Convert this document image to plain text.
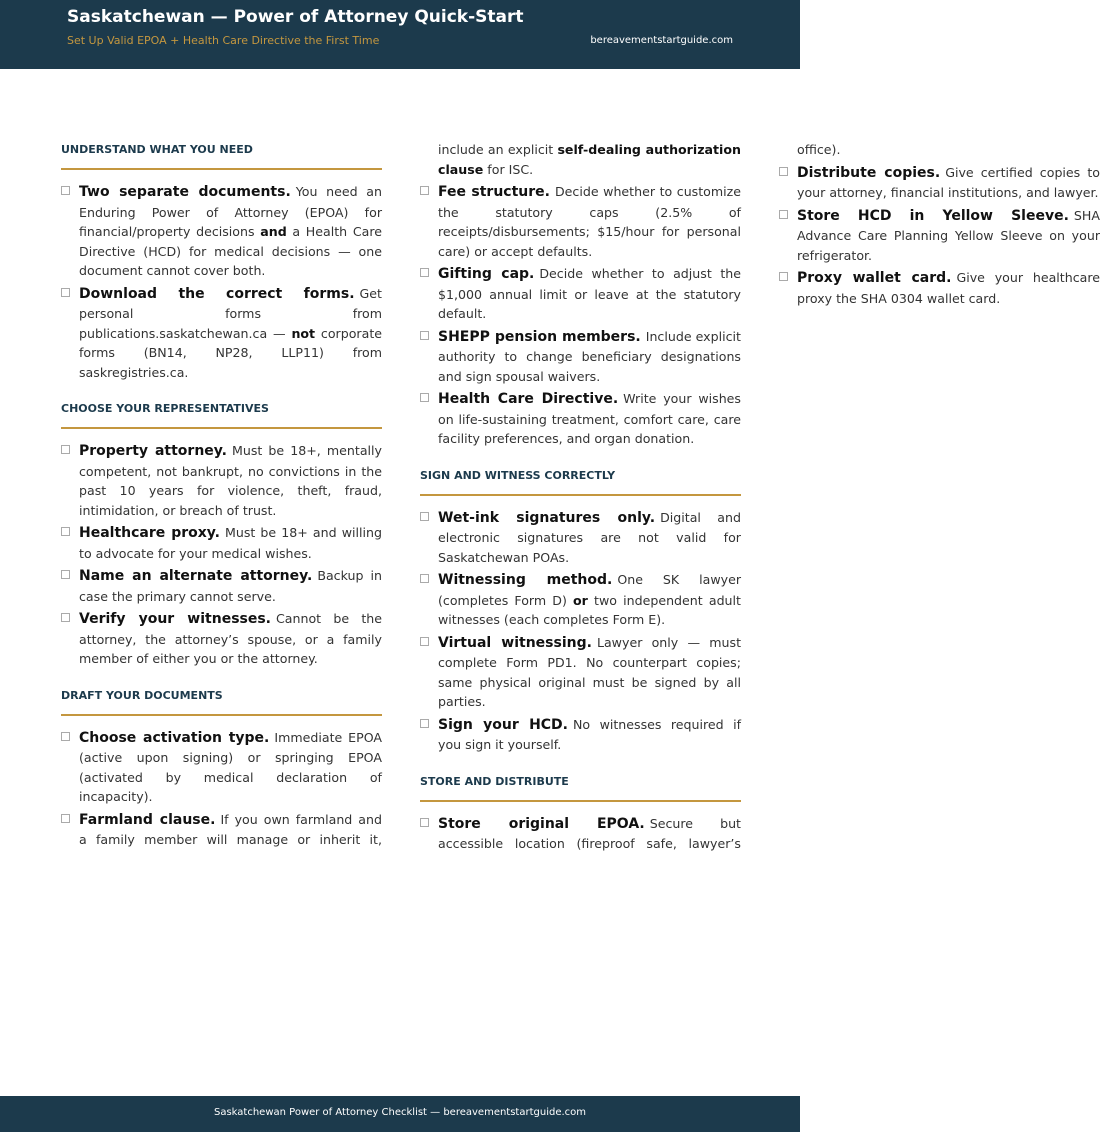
Saskatchewan — Power of Attorney Quick-Start
Set Up Valid EPOA + Health Care Directive the First Time	bereavementstartguide.com
UNDERSTAND WHAT YOU NEED
Two separate documents. You need an Enduring Power of Attorney (EPOA) for financial/property decisions and a Health Care Directive (HCD) for medical decisions — one document cannot cover both.
Download the correct forms. Get personal forms from publications.saskatchewan.ca — not corporate forms (BN14, NP28, LLP11) from saskregistries.ca.
CHOOSE YOUR REPRESENTATIVES
Property attorney. Must be 18+, mentally competent, not bankrupt, no convictions in the past 10 years for violence, theft, fraud, intimidation, or breach of trust.
Healthcare proxy. Must be 18+ and willing to advocate for your medical wishes.
Name an alternate attorney. Backup in case the primary cannot serve.
Verify your witnesses. Cannot be the attorney, the attorney’s spouse, or a family member of either you or the attorney.
DRAFT YOUR DOCUMENTS
Choose activation type. Immediate EPOA (active upon signing) or springing EPOA (activated by medical declaration of incapacity).
Farmland clause. If you own farmland and a family member will manage or inherit it, include an explicit self-dealing authorization clause for ISC.
Fee structure. Decide whether to customize the statutory caps (2.5% of receipts/disbursements; $15/hour for personal care) or accept defaults.
Gifting cap. Decide whether to adjust the $1,000 annual limit or leave at the statutory default.
SHEPP pension members. Include explicit authority to change beneficiary designations and sign spousal waivers.
Health Care Directive. Write your wishes on life-sustaining treatment, comfort care, care facility preferences, and organ donation.
SIGN AND WITNESS CORRECTLY
Wet-ink signatures only. Digital and electronic signatures are not valid for Saskatchewan POAs.
Witnessing method. One SK lawyer (completes Form D) or two independent adult witnesses (each completes Form E).
Virtual witnessing. Lawyer only — must complete Form PD1. No counterpart copies; same physical original must be signed by all parties.
Sign your HCD. No witnesses required if you sign it yourself.
STORE AND DISTRIBUTE
Store original EPOA. Secure but accessible location (fireproof safe, lawyer’s office).
Distribute copies. Give certified copies to your attorney, financial institutions, and lawyer.
Store HCD in Yellow Sleeve. SHA Advance Care Planning Yellow Sleeve on your refrigerator.
Proxy wallet card. Give your healthcare proxy the SHA 0304 wallet card.
Saskatchewan Power of Attorney Checklist — bereavementstartguide.com
